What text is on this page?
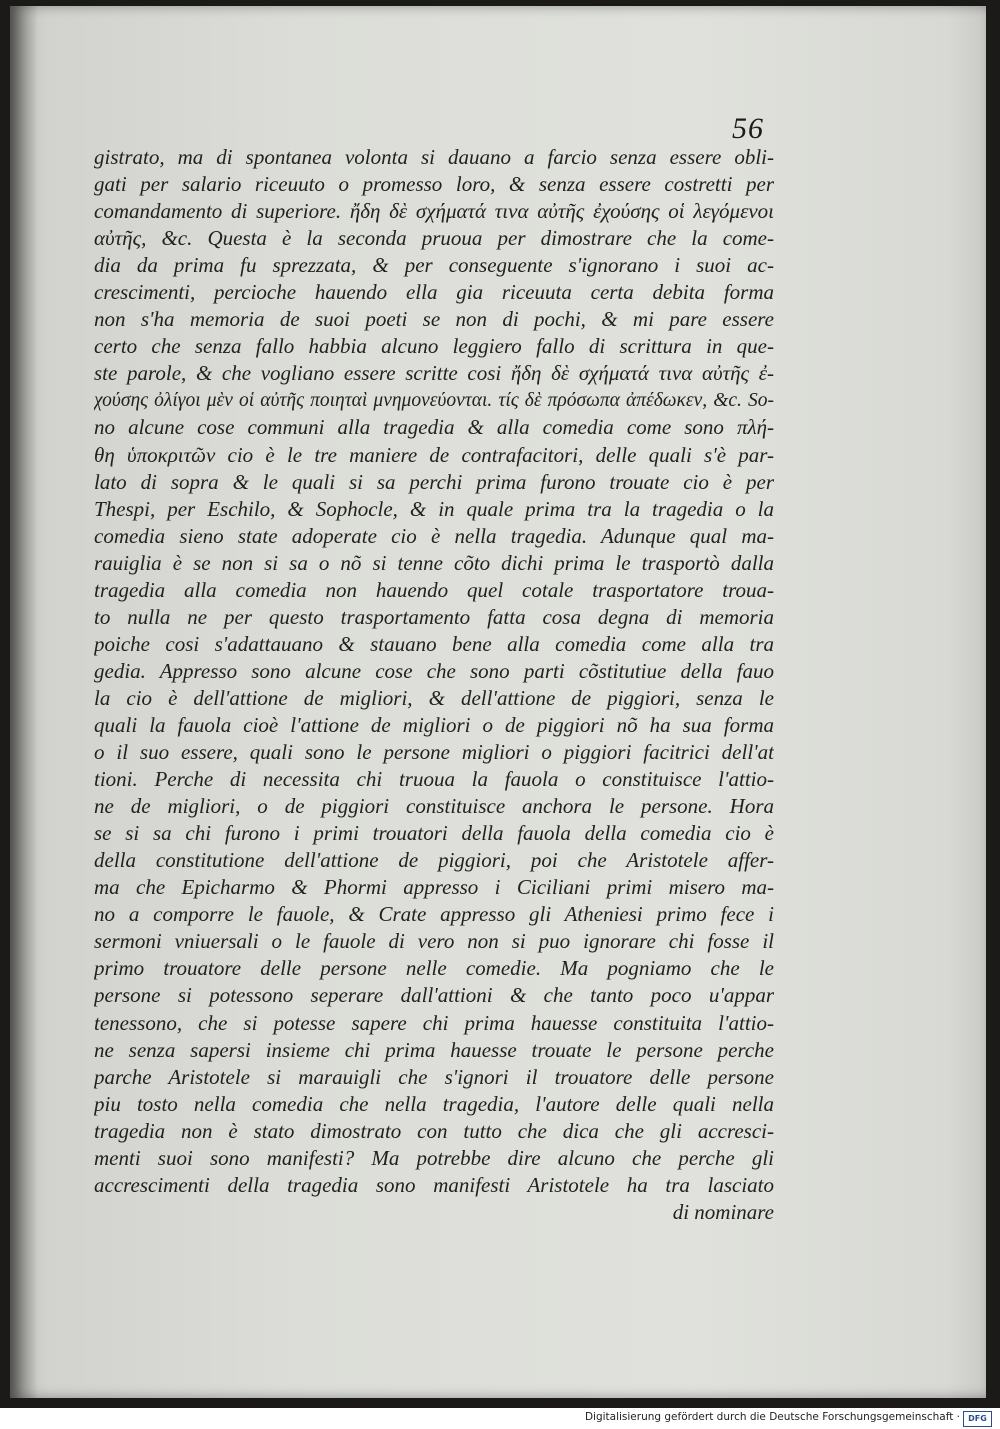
56
gistrato, ma di spontanea volonta si dauano a farcio senza essere obli-
gati per salario riceuuto o promesso loro, & senza essere costretti per
comandamento di superiore. ἤδη δὲ σχήματά τινα αὐτῆς ἐχούσης οἱ λεγόμενοι
αὐτῆς, &c. Questa è la seconda pruoua per dimostrare che la come-
dia da prima fu sprezzata, & per conseguente s'ignorano i suoi ac-
crescimenti, percioche hauendo ella gia riceuuta certa debita forma
non s'ha memoria de suoi poeti se non di pochi, & mi pare essere
certo che senza fallo habbia alcuno leggiero fallo di scrittura in que-
ste parole, & che vogliano essere scritte cosi ἤδη δὲ σχήματά τινα αὐτῆς ἐ-
χούσης ὀλίγοι μὲν οἱ αὐτῆς ποιηταὶ μνημονεύονται. τίς δὲ πρόσωπα ἀπέδωκεν, &c. So-
no alcune cose communi alla tragedia & alla comedia come sono πλή-
θη ὑποκριτῶν cio è le tre maniere de contrafacitori, delle quali s'è par-
lato di sopra & le quali si sa perchi prima furono trouate cio è per
Thespi, per Eschilo, & Sophocle, & in quale prima tra la tragedia o la
comedia sieno state adoperate cio è nella tragedia. Adunque qual ma-
rauiglia è se non si sa o nõ si tenne cõto dichi prima le trasportò dalla
tragedia alla comedia non hauendo quel cotale trasportatore troua-
to nulla ne per questo trasportamento fatta cosa degna di memoria
poiche cosi s'adattauano & stauano bene alla comedia come alla tra
gedia. Appresso sono alcune cose che sono parti cõstitutiue della fauo
la cio è dell'attione de migliori, & dell'attione de piggiori, senza le
quali la fauola cioè l'attione de migliori o de piggiori nõ ha sua forma
o il suo essere, quali sono le persone migliori o piggiori facitrici dell'at
tioni. Perche di necessita chi truoua la fauola o constituisce l'attio-
ne de migliori, o de piggiori constituisce anchora le persone. Hora
se si sa chi furono i primi trouatori della fauola della comedia cio è
della constitutione dell'attione de piggiori, poi che Aristotele affer-
ma che Epicharmo & Phormi appresso i Ciciliani primi misero ma-
no a comporre le fauole, & Crate appresso gli Atheniesi primo fece i
sermoni vniuersali o le fauole di vero non si puo ignorare chi fosse il
primo trouatore delle persone nelle comedie. Ma pogniamo che le
persone si potessono seperare dall'attioni & che tanto poco u'appar
tenessono, che si potesse sapere chi prima hauesse constituita l'attio-
ne senza sapersi insieme chi prima hauesse trouate le persone perche
parche Aristotele si marauigli che s'ignori il trouatore delle persone
piu tosto nella comedia che nella tragedia, l'autore delle quali nella
tragedia non è stato dimostrato con tutto che dica che gli accresci-
menti suoi sono manifesti? Ma potrebbe dire alcuno che perche gli
accrescimenti della tragedia sono manifesti Aristotele ha tra lasciato
di nominare
Digitalisierung gefördert durch die Deutsche Forschungsgemeinschaft ·	DFG
